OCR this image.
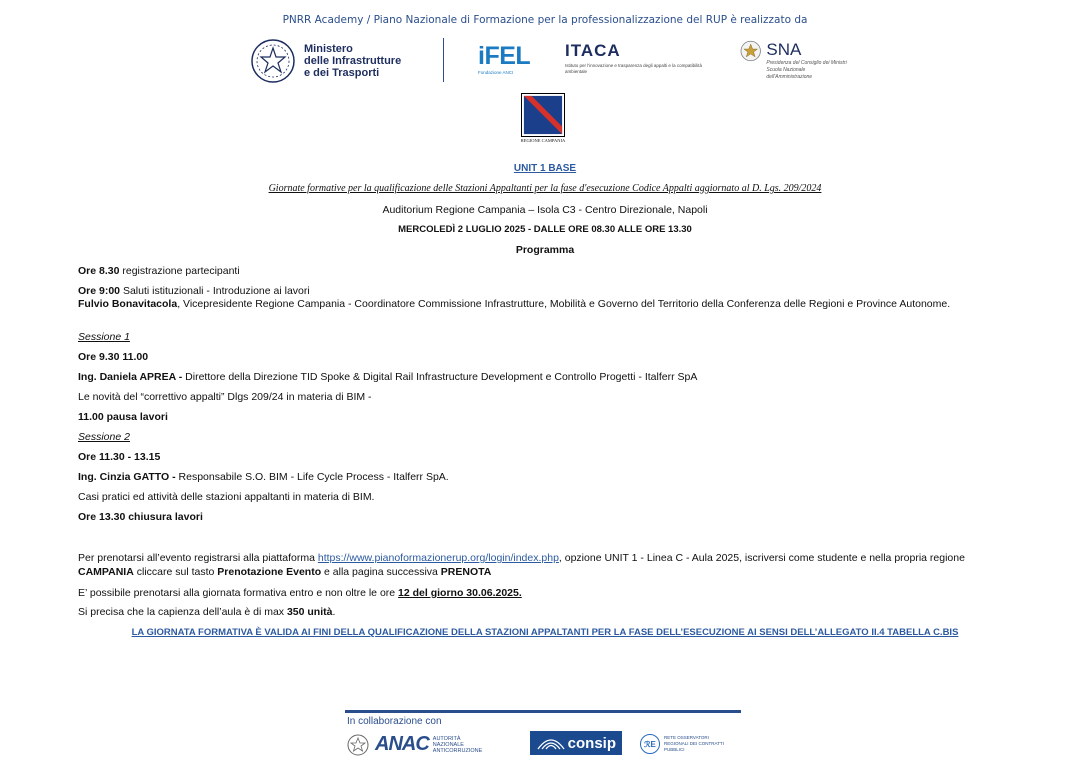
PNRR Academy / Piano Nazionale di Formazione per la professionalizzazione del RUP è realizzato da
Ministero
delle Infrastrutture
e dei Trasporti
iFEL
Fondazione ANCI
ITACA
Istituto per l'innovazione e trasparenza degli appalti e la compatibilità ambientale
SNA
Presidenza del Consiglio dei Ministri
Scuola Nazionale dell'Amministrazione
REGIONE CAMPANIA
UNIT 1 BASE
Giornate formative per la qualificazione delle Stazioni Appaltanti per la fase d'esecuzione Codice Appalti aggiornato al D. Lgs. 209/2024
Auditorium Regione Campania – Isola C3 - Centro Direzionale, Napoli
MERCOLEDÌ 2 LUGLIO 2025 - DALLE ORE 08.30 ALLE ORE 13.30
Programma
Ore 8.30 registrazione partecipanti
Ore 9:00 Saluti istituzionali - Introduzione ai lavori
Fulvio Bonavitacola, Vicepresidente Regione Campania - Coordinatore Commissione Infrastrutture, Mobilità e Governo del Territorio della Conferenza delle Regioni e Province Autonome.
Sessione 1
Ore 9.30 11.00
Ing. Daniela APREA - Direttore della Direzione TID Spoke & Digital Rail Infrastructure Development e Controllo Progetti - Italferr SpA
Le novità del “correttivo appalti” Dlgs 209/24 in materia di BIM -
11.00 pausa lavori
Sessione 2
Ore 11.30 - 13.15
Ing. Cinzia GATTO - Responsabile S.O. BIM - Life Cycle Process - Italferr SpA.
Casi pratici ed attività delle stazioni appaltanti in materia di BIM.
Ore 13.30 chiusura lavori
Per prenotarsi all’evento registrarsi alla piattaforma https://www.pianoformazionerup.org/login/index.php, opzione UNIT 1 - Linea C - Aula 2025, iscriversi come studente e nella propria regione
CAMPANIA cliccare sul tasto Prenotazione Evento e alla pagina successiva PRENOTA
E’ possibile prenotarsi alla giornata formativa entro e non oltre le ore 12 del giorno 30.06.2025.
Si precisa che la capienza dell’aula è di max 350 unità.
LA GIORNATA FORMATIVA È VALIDA AI FINI DELLA QUALIFICAZIONE DELLA STAZIONI APPALTANTI PER LA FASE DELL’ESECUZIONE AI SENSI DELL’ALLEGATO II.4 TABELLA C.BIS
In collaborazione con
ANAC AUTORITÀ
NAZIONALE
ANTICORRUZIONE	consip	ℛE
RETE OSSERVATORI REGIONALI DEI CONTRATTI PUBBLICI
